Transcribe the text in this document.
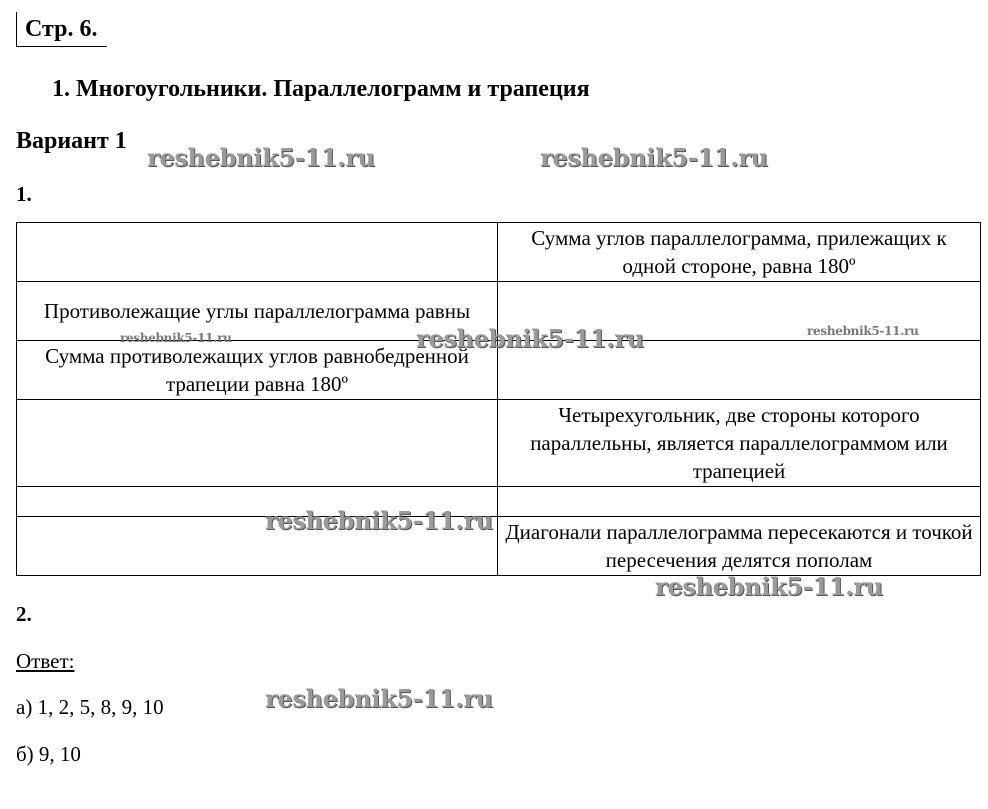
Стр. 6.
1. Многоугольники. Параллелограмм и трапеция
Вариант 1
1.
	Сумма углов параллелограмма, прилежащих к одной стороне, равна 180º
Противолежащие углы параллелограмма равны	
Сумма противолежащих углов равнобедренной трапеции равна 180º	
	Четырехугольник, две стороны которого параллельны, является параллелограммом или трапецией

	Диагонали параллелограмма пересекаются и точкой пересечения делятся пополам
2.
Ответ:
а) 1, 2, 5, 8, 9, 10
б) 9, 10
reshebnik5-11.ru	reshebnik5-11.ru
reshebnik5-11.ru	reshebnik5-11.ru	reshebnik5-11.ru
reshebnik5-11.ru
reshebnik5-11.ru
reshebnik5-11.ru
